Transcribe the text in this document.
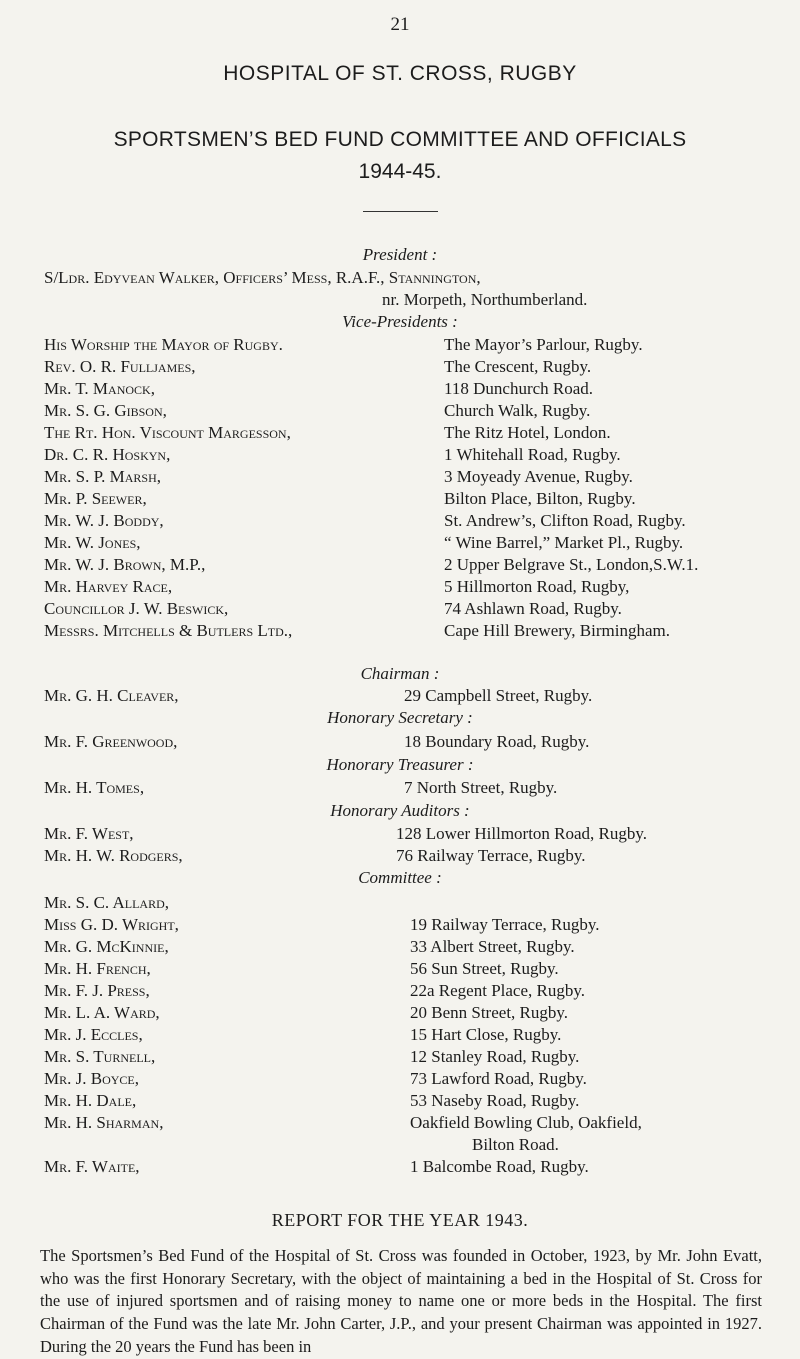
21
HOSPITAL OF ST. CROSS, RUGBY
SPORTSMEN’S BED FUND COMMITTEE AND OFFICIALS
1944-45.
President :
S/Ldr. Edyvean Walker, Officers’ Mess, R.A.F., Stannington,
nr. Morpeth, Northumberland.
Vice-Presidents :
His Worship the Mayor of Rugby.	The Mayor’s Parlour, Rugby.
Rev. O. R. Fulljames,	The Crescent, Rugby.
Mr. T. Manock,	118 Dunchurch Road.
Mr. S. G. Gibson,	Church Walk, Rugby.
The Rt. Hon. Viscount Margesson,	The Ritz Hotel, London.
Dr. C. R. Hoskyn,	1 Whitehall Road, Rugby.
Mr. S. P. Marsh,	3 Moyeady Avenue, Rugby.
Mr. P. Seewer,	Bilton Place, Bilton, Rugby.
Mr. W. J. Boddy,	St. Andrew’s, Clifton Road, Rugby.
Mr. W. Jones,	“ Wine Barrel,” Market Pl., Rugby.
Mr. W. J. Brown, M.P.,	2 Upper Belgrave St., London,S.W.1.
Mr. Harvey Race,	5 Hillmorton Road, Rugby,
Councillor J. W. Beswick,	74 Ashlawn Road, Rugby.
Messrs. Mitchells & Butlers Ltd.,	Cape Hill Brewery, Birmingham.
Chairman :
Mr. G. H. Cleaver,	29 Campbell Street, Rugby.
Honorary Secretary :
Mr. F. Greenwood,	18 Boundary Road, Rugby.
Honorary Treasurer :
Mr. H. Tomes,	7 North Street, Rugby.
Honorary Auditors :
Mr. F. West,	128 Lower Hillmorton Road, Rugby.
Mr. H. W. Rodgers,	76 Railway Terrace, Rugby.
Committee :
Mr. S. C. Allard,
Miss G. D. Wright,	19 Railway Terrace, Rugby.
Mr. G. McKinnie,	33 Albert Street, Rugby.
Mr. H. French,	56 Sun Street, Rugby.
Mr. F. J. Press,	22a Regent Place, Rugby.
Mr. L. A. Ward,	20 Benn Street, Rugby.
Mr. J. Eccles,	15 Hart Close, Rugby.
Mr. S. Turnell,	12 Stanley Road, Rugby.
Mr. J. Boyce,	73 Lawford Road, Rugby.
Mr. H. Dale,	53 Naseby Road, Rugby.
Mr. H. Sharman,	Oakfield Bowling Club, Oakfield,
Bilton Road.
Mr. F. Waite,	1 Balcombe Road, Rugby.
REPORT FOR THE YEAR 1943.
The Sportsmen’s Bed Fund of the Hospital of St. Cross was founded in October, 1923, by Mr. John Evatt, who was the first Honorary Secretary, with the object of maintaining a bed in the Hospital of St. Cross for the use of injured sportsmen and of raising money to name one or more beds in the Hospital. The first Chairman of the Fund was the late Mr. John Carter, J.P., and your present Chairman was appointed in 1927. During the 20 years the Fund has been in
